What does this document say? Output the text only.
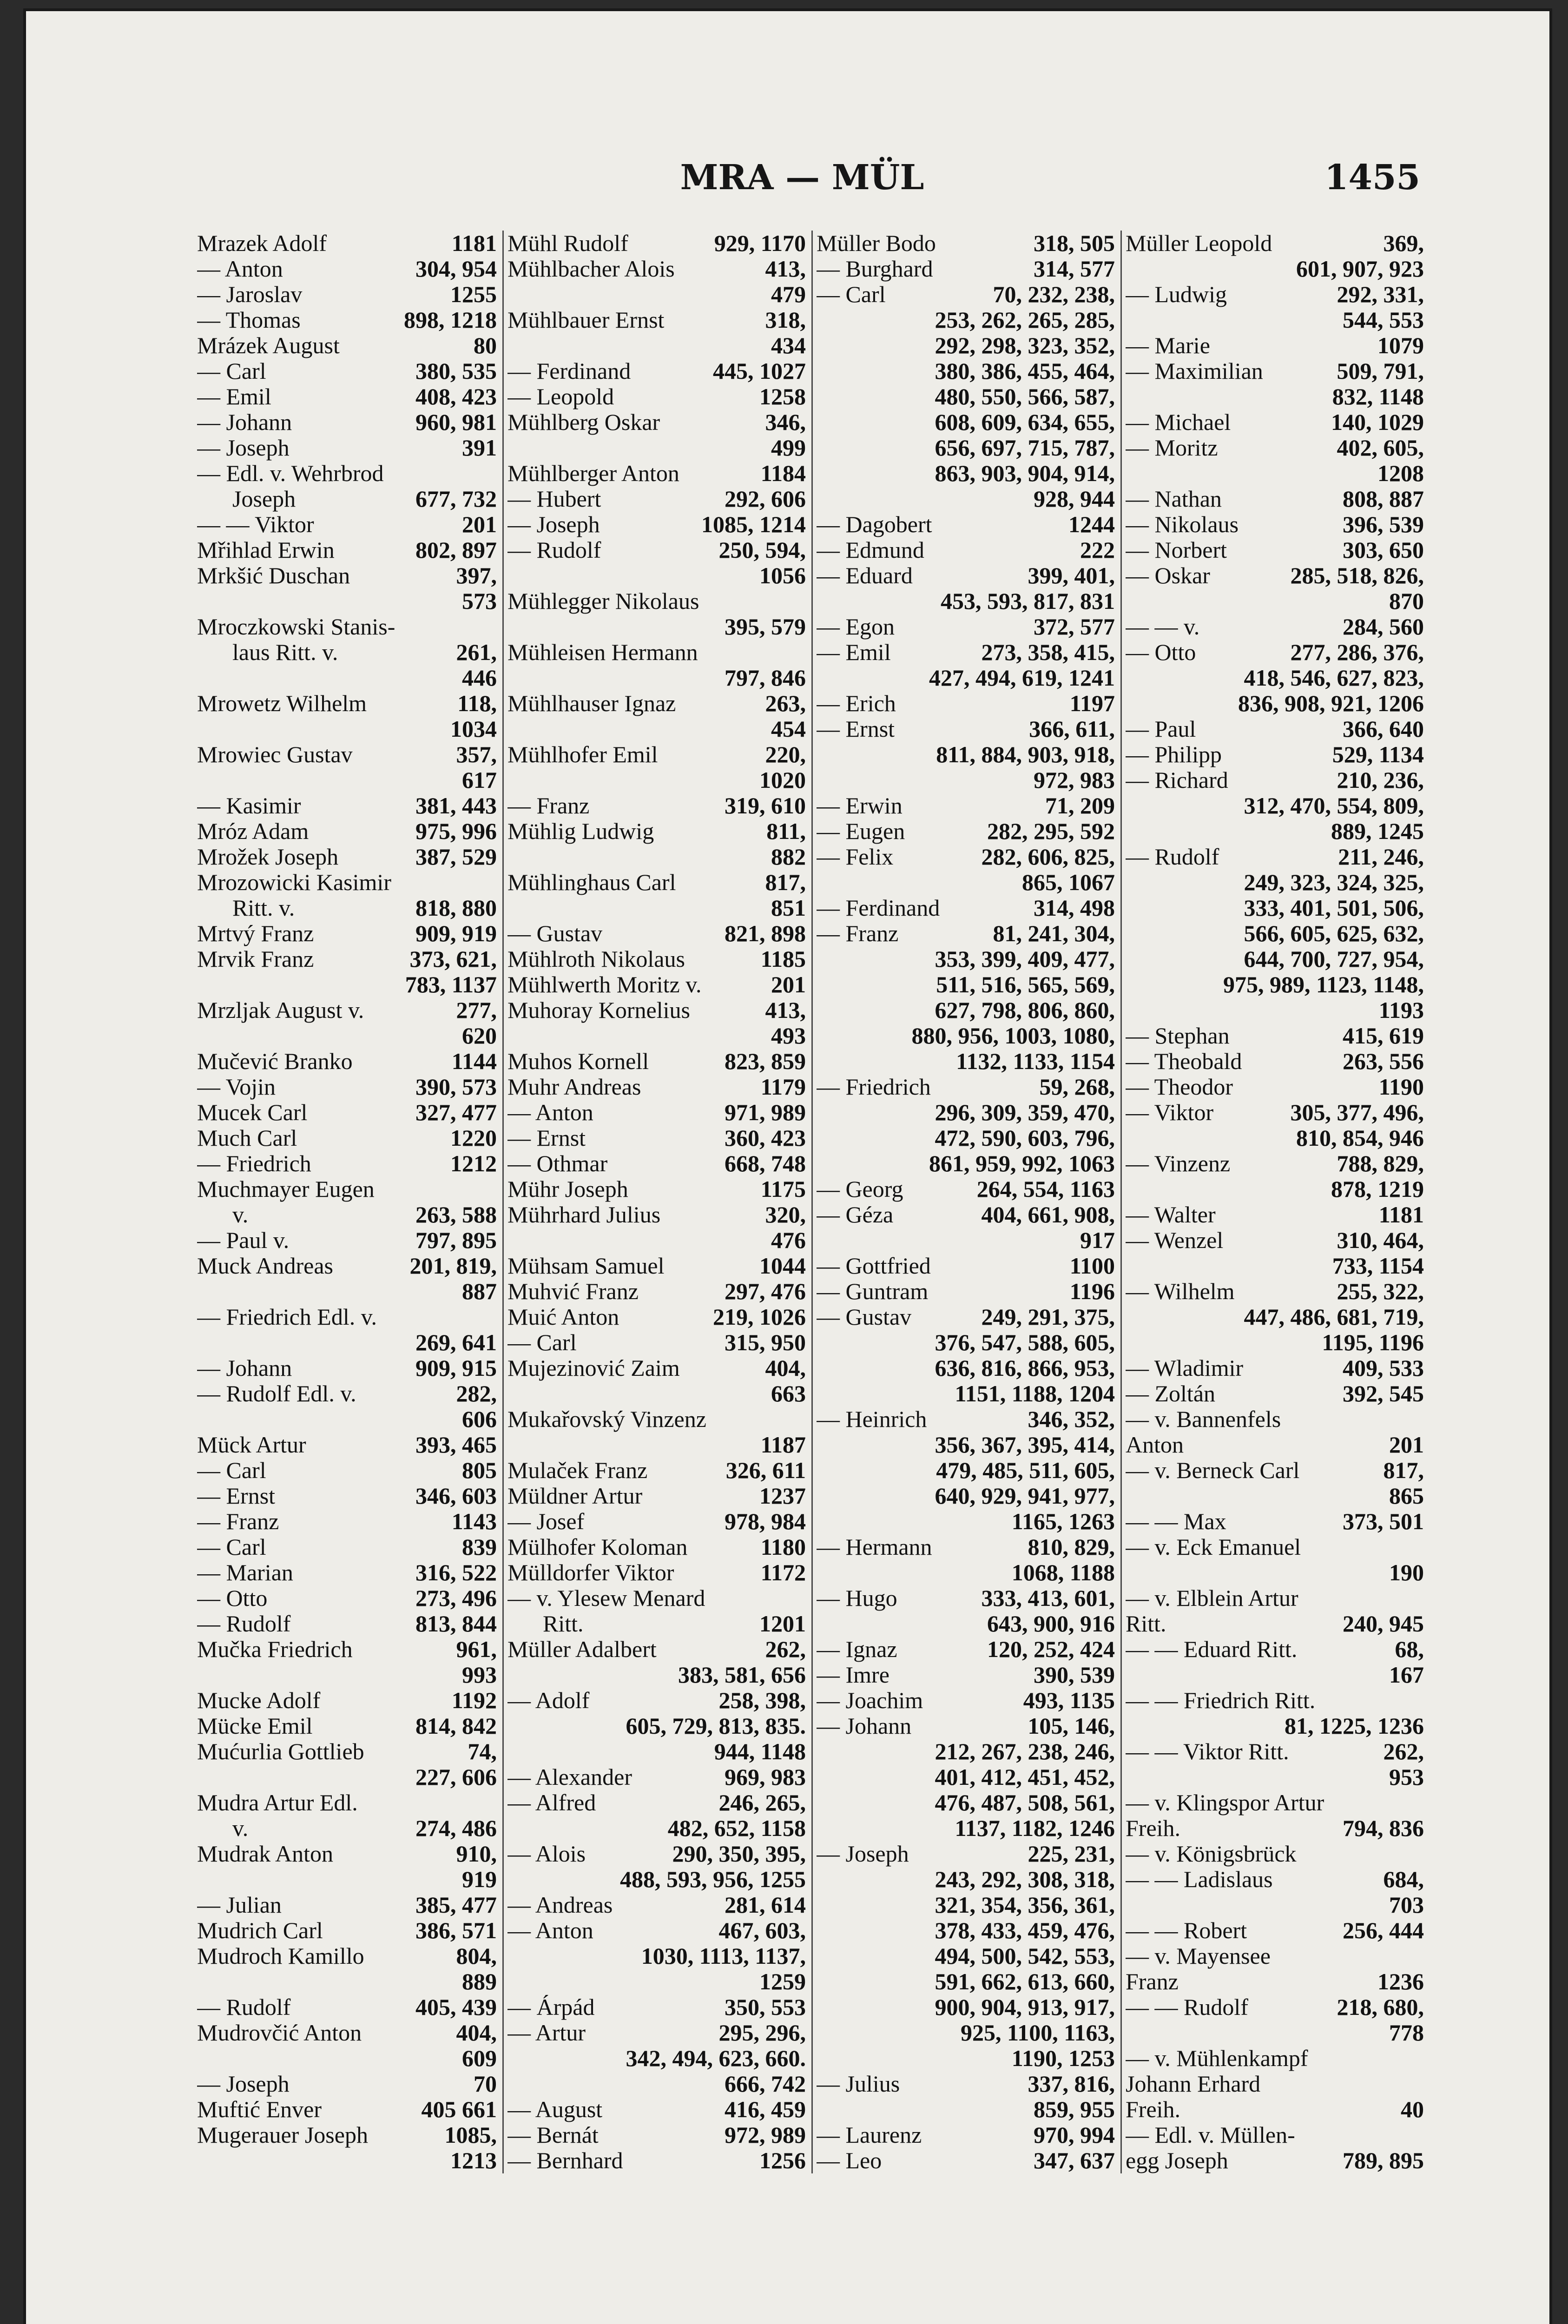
MRA — MÜL	1455
Mrazek Adolf	1181
— Anton	304, 954
— Jaroslav	1255
— Thomas	898, 1218
Mrázek August	80
— Carl	380, 535
— Emil	408, 423
— Johann	960, 981
— Joseph	391
— Edl. v. Wehrbrod
Joseph	677, 732
— — Viktor	201
Mřihlad Erwin	802, 897
Mrkšić Duschan	397,
573
Mroczkowski Stanis-
laus Ritt. v.	261,
446
Mrowetz Wilhelm	118,
1034
Mrowiec Gustav	357,
617
— Kasimir	381, 443
Mróz Adam	975, 996
Mrožek Joseph	387, 529
Mrozowicki Kasimir
Ritt. v.	818, 880
Mrtvý Franz	909, 919
Mrvik Franz	373, 621,
783, 1137
Mrzljak August v.	277,
620
Mučević Branko	1144
— Vojin	390, 573
Mucek Carl	327, 477
Much Carl	1220
— Friedrich	1212
Muchmayer Eugen
v.	263, 588
— Paul v.	797, 895
Muck Andreas	201, 819,
887
— Friedrich Edl. v.
269, 641
— Johann	909, 915
— Rudolf Edl. v.	282,
606
Mück Artur	393, 465
— Carl	805
— Ernst	346, 603
— Franz	1143
— Carl	839
— Marian	316, 522
— Otto	273, 496
— Rudolf	813, 844
Mučka Friedrich	961,
993
Mucke Adolf	1192
Mücke Emil	814, 842
Mućurlia Gottlieb	74,
227, 606
Mudra Artur Edl.
v.	274, 486
Mudrak Anton	910,
919
— Julian	385, 477
Mudrich Carl	386, 571
Mudroch Kamillo	804,
889
— Rudolf	405, 439
Mudrovčić Anton	404,
609
— Joseph	70
Muftić Enver	405 661
Mugerauer Joseph	1085,
1213
Mühl Rudolf	929, 1170
Mühlbacher Alois	413,
479
Mühlbauer Ernst	318,
434
— Ferdinand	445, 1027
— Leopold	1258
Mühlberg Oskar	346,
499
Mühlberger Anton	1184
— Hubert	292, 606
— Joseph	1085, 1214
— Rudolf	250, 594,
1056
Mühlegger Nikolaus
395, 579
Mühleisen Hermann
797, 846
Mühlhauser Ignaz	263,
454
Mühlhofer Emil	220,
1020
— Franz	319, 610
Mühlig Ludwig	811,
882
Mühlinghaus Carl	817,
851
— Gustav	821, 898
Mühlroth Nikolaus	1185
Mühlwerth Moritz v.	201
Muhoray Kornelius	413,
493
Muhos Kornell	823, 859
Muhr Andreas	1179
— Anton	971, 989
— Ernst	360, 423
— Othmar	668, 748
Mühr Joseph	1175
Mührhard Julius	320,
476
Mühsam Samuel	1044
Muhvić Franz	297, 476
Muić Anton	219, 1026
— Carl	315, 950
Mujezinović Zaim	404,
663
Mukařovský Vinzenz
1187
Mulaček Franz	326, 611
Müldner Artur	1237
— Josef	978, 984
Mülhofer Koloman	1180
Mülldorfer Viktor	1172
— v. Ylesew Menard
Ritt.	1201
Müller Adalbert	262,
383, 581, 656
— Adolf	258, 398,
605, 729, 813, 835.
944, 1148
— Alexander	969, 983
— Alfred	246, 265,
482, 652, 1158
— Alois	290, 350, 395,
488, 593, 956, 1255
— Andreas	281, 614
— Anton	467, 603,
1030, 1113, 1137,
1259
— Árpád	350, 553
— Artur	295, 296,
342, 494, 623, 660.
666, 742
— August	416, 459
— Bernát	972, 989
— Bernhard	1256
Müller Bodo	318, 505
— Burghard	314, 577
— Carl	70, 232, 238,
253, 262, 265, 285,
292, 298, 323, 352,
380, 386, 455, 464,
480, 550, 566, 587,
608, 609, 634, 655,
656, 697, 715, 787,
863, 903, 904, 914,
928, 944
— Dagobert	1244
— Edmund	222
— Eduard	399, 401,
453, 593, 817, 831
— Egon	372, 577
— Emil	273, 358, 415,
427, 494, 619, 1241
— Erich	1197
— Ernst	366, 611,
811, 884, 903, 918,
972, 983
— Erwin	71, 209
— Eugen	282, 295, 592
— Felix	282, 606, 825,
865, 1067
— Ferdinand	314, 498
— Franz	81, 241, 304,
353, 399, 409, 477,
511, 516, 565, 569,
627, 798, 806, 860,
880, 956, 1003, 1080,
1132, 1133, 1154
— Friedrich	59, 268,
296, 309, 359, 470,
472, 590, 603, 796,
861, 959, 992, 1063
— Georg	264, 554, 1163
— Géza	404, 661, 908,
917
— Gottfried	1100
— Guntram	1196
— Gustav	249, 291, 375,
376, 547, 588, 605,
636, 816, 866, 953,
1151, 1188, 1204
— Heinrich	346, 352,
356, 367, 395, 414,
479, 485, 511, 605,
640, 929, 941, 977,
1165, 1263
— Hermann	810, 829,
1068, 1188
— Hugo	333, 413, 601,
643, 900, 916
— Ignaz	120, 252, 424
— Imre	390, 539
— Joachim	493, 1135
— Johann	105, 146,
212, 267, 238, 246,
401, 412, 451, 452,
476, 487, 508, 561,
1137, 1182, 1246
— Joseph	225, 231,
243, 292, 308, 318,
321, 354, 356, 361,
378, 433, 459, 476,
494, 500, 542, 553,
591, 662, 613, 660,
900, 904, 913, 917,
925, 1100, 1163,
1190, 1253
— Julius	337, 816,
859, 955
— Laurenz	970, 994
— Leo	347, 637
Müller Leopold	369,
601, 907, 923
— Ludwig	292, 331,
544, 553
— Marie	1079
— Maximilian	509, 791,
832, 1148
— Michael	140, 1029
— Moritz	402, 605,
1208
— Nathan	808, 887
— Nikolaus	396, 539
— Norbert	303, 650
— Oskar	285, 518, 826,
870
— — v.	284, 560
— Otto	277, 286, 376,
418, 546, 627, 823,
836, 908, 921, 1206
— Paul	366, 640
— Philipp	529, 1134
— Richard	210, 236,
312, 470, 554, 809,
889, 1245
— Rudolf	211, 246,
249, 323, 324, 325,
333, 401, 501, 506,
566, 605, 625, 632,
644, 700, 727, 954,
975, 989, 1123, 1148,
1193
— Stephan	415, 619
— Theobald	263, 556
— Theodor	1190
— Viktor	305, 377, 496,
810, 854, 946
— Vinzenz	788, 829,
878, 1219
— Walter	1181
— Wenzel	310, 464,
733, 1154
— Wilhelm	255, 322,
447, 486, 681, 719,
1195, 1196
— Wladimir	409, 533
— Zoltán	392, 545
— v. Bannenfels
Anton	201
— v. Berneck Carl	817,
865
— — Max	373, 501
— v. Eck Emanuel
190
— v. Elblein Artur
Ritt.	240, 945
— — Eduard Ritt.	68,
167
— — Friedrich Ritt.
81, 1225, 1236
— — Viktor Ritt.	262,
953
— v. Klingspor Artur
Freih.	794, 836
— v. Königsbrück
— — Ladislaus	684,
703
— — Robert	256, 444
— v. Mayensee
Franz	1236
— — Rudolf	218, 680,
778
— v. Mühlenkampf
Johann Erhard
Freih.	40
— Edl. v. Müllen-
egg Joseph	789, 895
